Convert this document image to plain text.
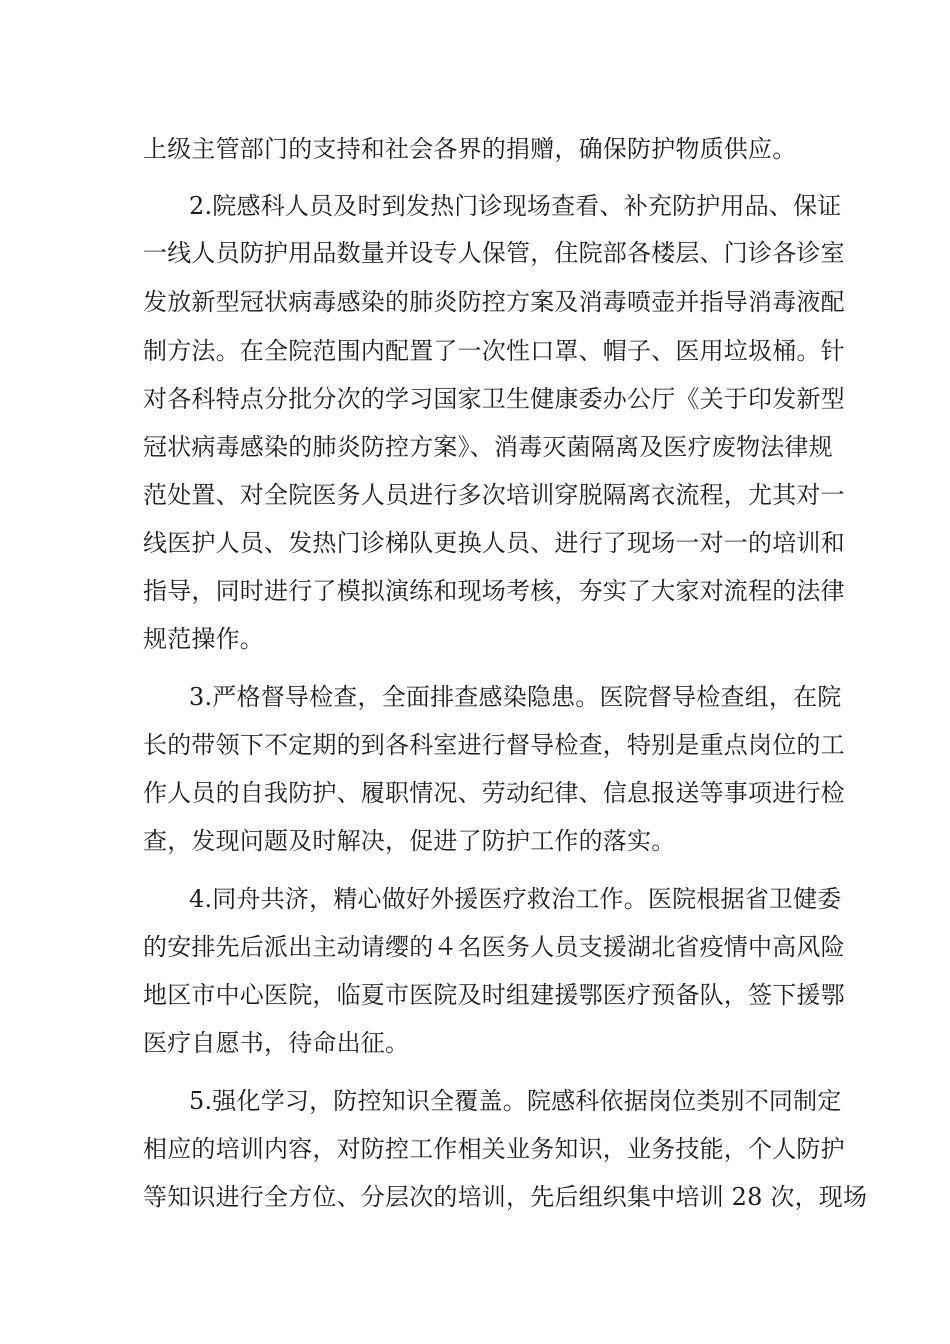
上级主管部门的支持和社会各界的捐赠，确保防护物质供应。
2.院感科人员及时到发热门诊现场查看、补充防护用品、保证
一线人员防护用品数量并设专人保管，住院部各楼层、门诊各诊室
发放新型冠状病毒感染的肺炎防控方案及消毒喷壶并指导消毒液配
制方法。在全院范围内配置了一次性口罩、帽子、医用垃圾桶。针
对各科特点分批分次的学习国家卫生健康委办公厅《关于印发新型
冠状病毒感染的肺炎防控方案》、消毒灭菌隔离及医疗废物法律规
范处置、对全院医务人员进行多次培训穿脱隔离衣流程，尤其对一
线医护人员、发热门诊梯队更换人员、进行了现场一对一的培训和
指导，同时进行了模拟演练和现场考核，夯实了大家对流程的法律
规范操作。
3.严格督导检查，全面排查感染隐患。医院督导检查组，在院
长的带领下不定期的到各科室进行督导检查，特别是重点岗位的工
作人员的自我防护、履职情况、劳动纪律、信息报送等事项进行检
查，发现问题及时解决，促进了防护工作的落实。
4.同舟共济，精心做好外援医疗救治工作。医院根据省卫健委
的安排先后派出主动请缨的４名医务人员支援湖北省疫情中高风险
地区市中心医院，临夏市医院及时组建援鄂医疗预备队，签下援鄂
医疗自愿书，待命出征。
5.强化学习，防控知识全覆盖。院感科依据岗位类别不同制定
相应的培训内容，对防控工作相关业务知识，业务技能，个人防护
等知识进行全方位、分层次的培训，先后组织集中培训 28 次，现场
